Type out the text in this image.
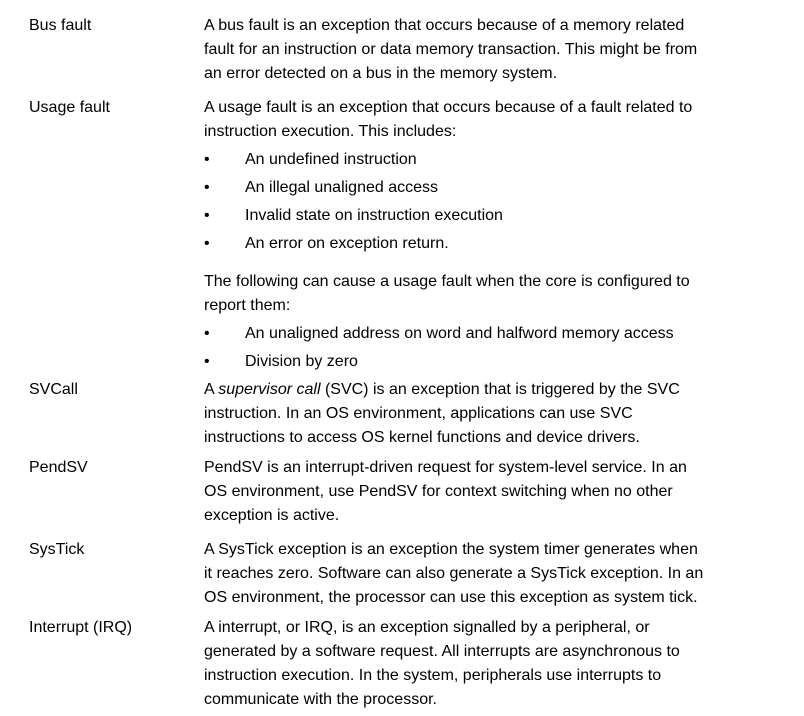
Bus fault	A bus fault is an exception that occurs because of a memory related

fault for an instruction or data memory transaction. This might be from

an error detected on a bus in the memory system.

Usage fault	A usage fault is an exception that occurs because of a fault related to

instruction execution. This includes:

• An undefined instruction
• An illegal unaligned access
• Invalid state on instruction execution
• An error on exception return.

The following can cause a usage fault when the core is configured to

report them:

• An unaligned address on word and halfword memory access
• Division by zero
SVCall	A supervisor call (SVC) is an exception that is triggered by the SVC

instruction. In an OS environment, applications can use SVC

instructions to access OS kernel functions and device drivers.

PendSV	PendSV is an interrupt-driven request for system-level service. In an

OS environment, use PendSV for context switching when no other

exception is active.

SysTick	A SysTick exception is an exception the system timer generates when

it reaches zero. Software can also generate a SysTick exception. In an

OS environment, the processor can use this exception as system tick.

Interrupt (IRQ)	A interrupt, or IRQ, is an exception signalled by a peripheral, or

generated by a software request. All interrupts are asynchronous to

instruction execution. In the system, peripherals use interrupts to

communicate with the processor.
